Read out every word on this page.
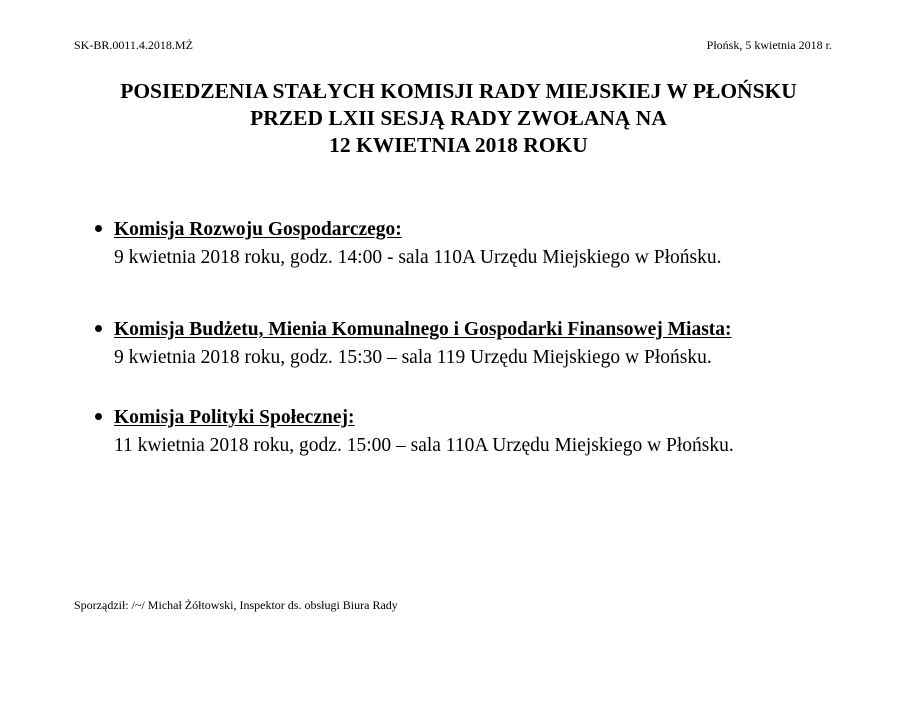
SK-BR.0011.4.2018.MŻ	Płońsk, 5 kwietnia 2018 r.
POSIEDZENIA STAŁYCH KOMISJI RADY MIEJSKIEJ W PŁOŃSKU
PRZED LXII SESJĄ RADY ZWOŁANĄ NA
12 KWIETNIA 2018 ROKU
Komisja Rozwoju Gospodarczego:
9 kwietnia 2018 roku, godz. 14:00 - sala 110A Urzędu Miejskiego w Płońsku.
Komisja Budżetu, Mienia Komunalnego i Gospodarki Finansowej Miasta:
9 kwietnia 2018 roku, godz. 15:30 – sala 119 Urzędu Miejskiego w Płońsku.
Komisja Polityki Społecznej:
11 kwietnia 2018 roku, godz. 15:00 – sala 110A Urzędu Miejskiego w Płońsku.
Sporządził: /~/ Michał Żółtowski, Inspektor ds. obsługi Biura Rady
